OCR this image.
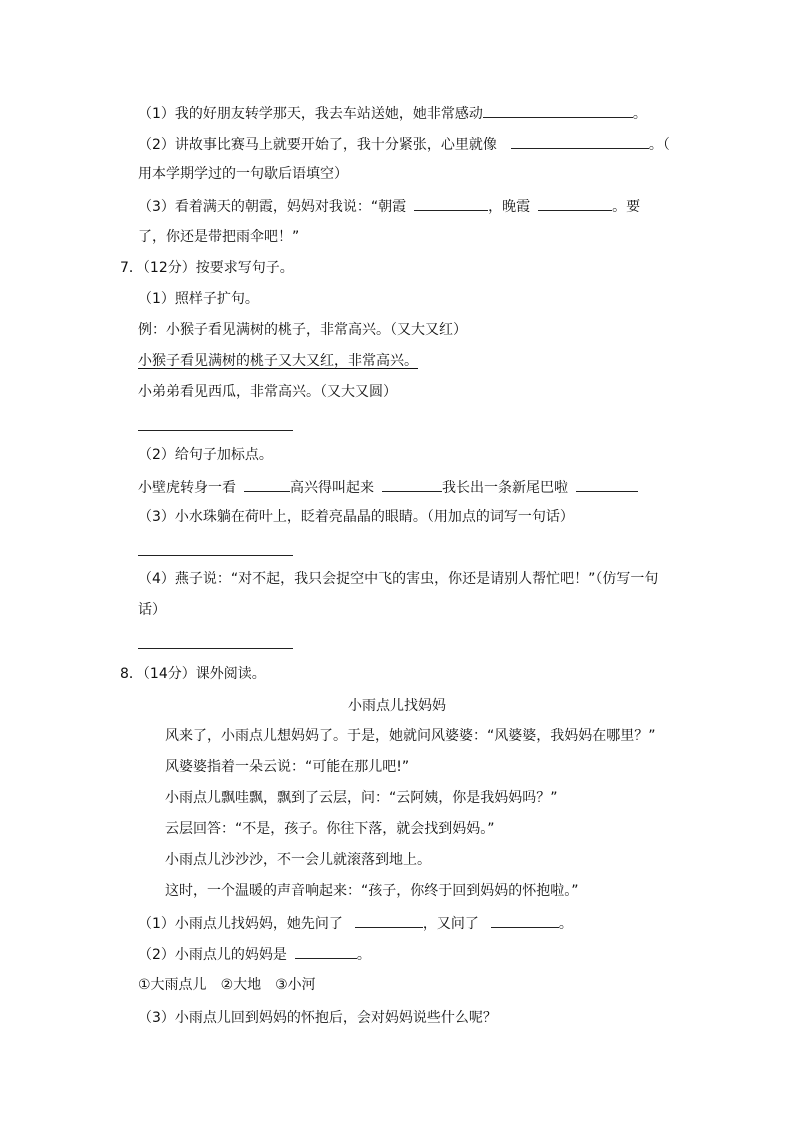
（1）我的好朋友转学那天，我去车站送她，她非常感动	。
（2）讲故事比赛马上就要开始了，我十分紧张，心里就像	。（
用本学期学过的一句歇后语填空）
（3）看着满天的朝霞，妈妈对我说：“朝霞	，晚霞	。要
了，你还是带把雨伞吧！”
7．（12分）按要求写句子。
（1）照样子扩句。
例：小猴子看见满树的桃子，非常高兴。（又大又红）
小猴子看见满树的桃子又大又红，非常高兴。
小弟弟看见西瓜，非常高兴。（又大又圆）
（2）给句子加标点。
小壁虎转身一看	高兴得叫起来	我长出一条新尾巴啦
（3）小水珠躺在荷叶上，眨着亮晶晶的眼睛。（用加点的词写一句话）
（4）燕子说：“对不起，我只会捉空中飞的害虫，你还是请别人帮忙吧！”（仿写一句
话）
8．（14分）课外阅读。
小雨点儿找妈妈
风来了，小雨点儿想妈妈了。于是，她就问风婆婆：“风婆婆，我妈妈在哪里？”
风婆婆指着一朵云说：“可能在那儿吧!”
小雨点儿飘哇飘，飘到了云层，问：“云阿姨，你是我妈妈吗？”
云层回答：“不是，孩子。你往下落，就会找到妈妈。”
小雨点儿沙沙沙，不一会儿就滚落到地上。
这时，一个温暖的声音响起来：“孩子，你终于回到妈妈的怀抱啦。”
（1）小雨点儿找妈妈，她先问了	，又问了	。
（2）小雨点儿的妈妈是	。
①大雨点儿 ②大地 ③小河
（3）小雨点儿回到妈妈的怀抱后，会对妈妈说些什么呢？
